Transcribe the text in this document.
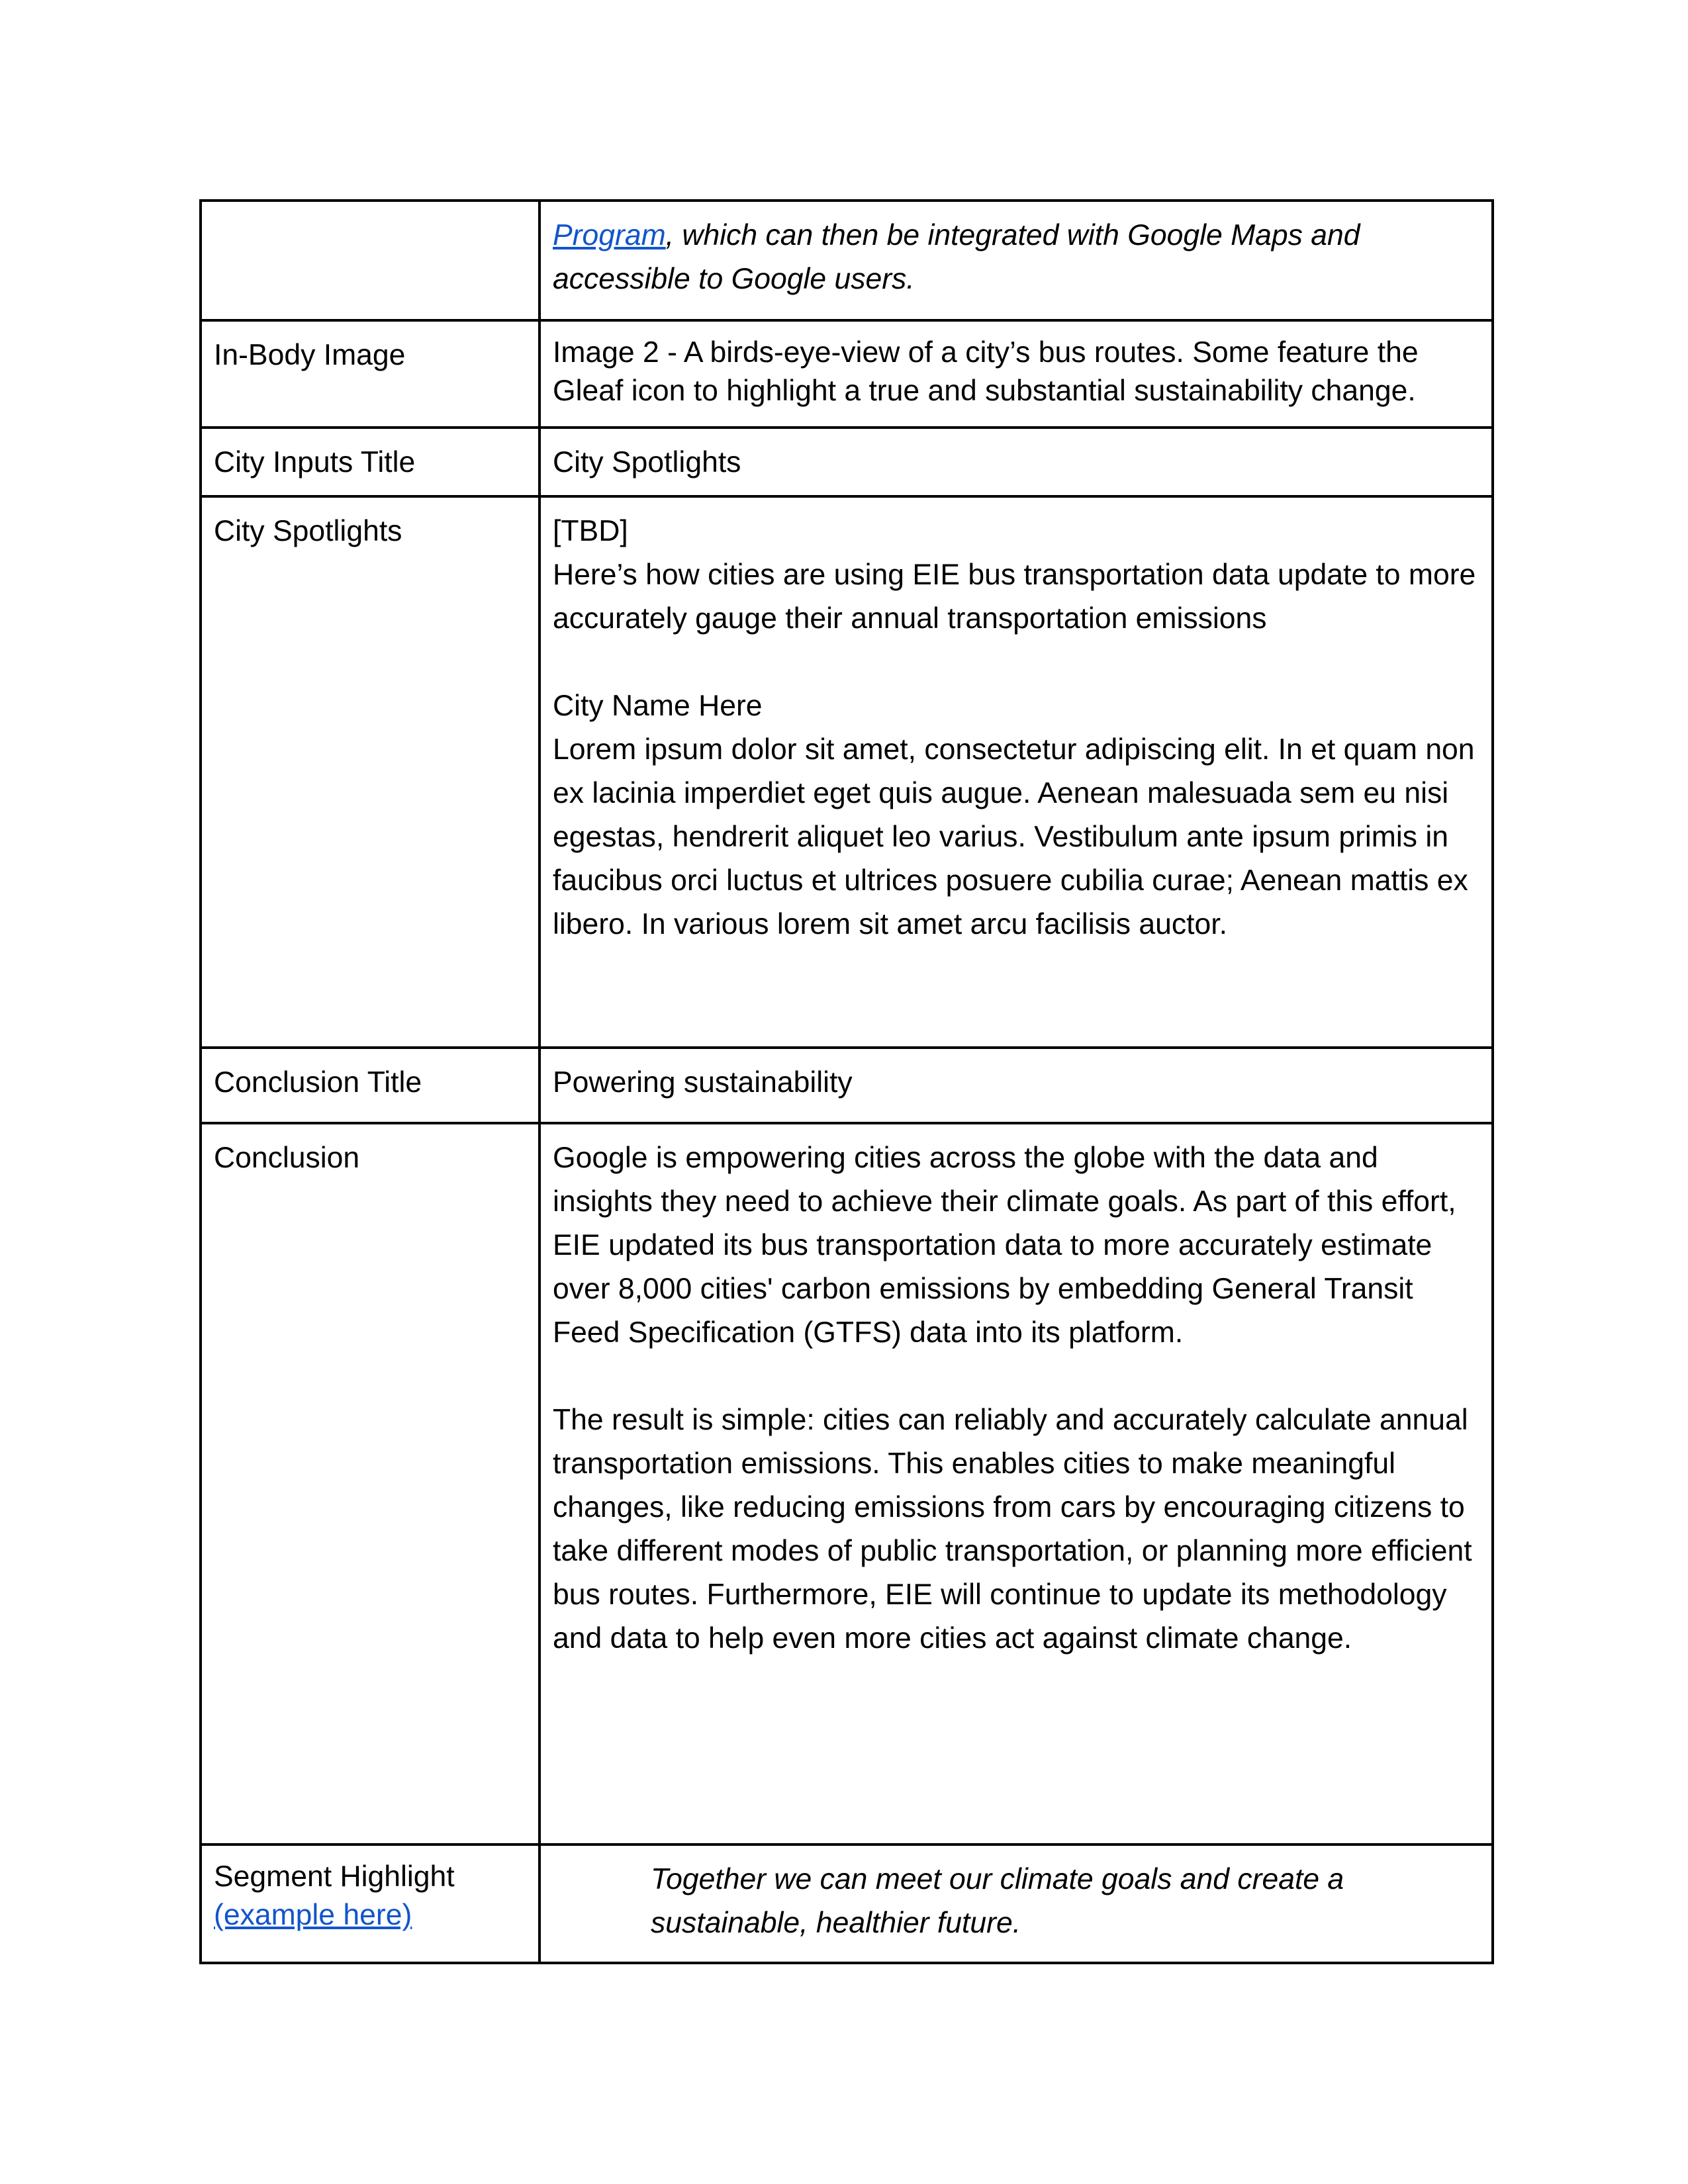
	Program, which can then be integrated with Google Maps and accessible to Google users.
In-Body Image	Image 2 - A birds-eye-view of a city’s bus routes. Some feature the Gleaf icon to highlight a true and substantial sustainability change.
City Inputs Title	City Spotlights
City Spotlights	[TBD]
Here’s how cities are using EIE bus transportation data update to more accurately gauge their annual transportation emissions
City Name Here
Lorem ipsum dolor sit amet, consectetur adipiscing elit. In et quam non ex lacinia imperdiet eget quis augue. Aenean malesuada sem eu nisi egestas, hendrerit aliquet leo varius. Vestibulum ante ipsum primis in faucibus orci luctus et ultrices posuere cubilia curae; Aenean mattis ex libero. In various lorem sit amet arcu facilisis auctor.

Conclusion Title	Powering sustainability
Conclusion	Google is empowering cities across the globe with the data and insights they need to achieve their climate goals. As part of this effort, EIE updated its bus transportation data to more accurately estimate over 8,000 cities' carbon emissions by embedding General Transit Feed Specification (GTFS) data into its platform.
The result is simple: cities can reliably and accurately calculate annual transportation emissions. This enables cities to make meaningful changes, like reducing emissions from cars by encouraging citizens to take different modes of public transportation, or planning more efficient bus routes. Furthermore, EIE will continue to update its methodology and data to help even more cities act against climate change.

Segment Highlight
(example here)	Together we can meet our climate goals and create a sustainable, healthier future.
